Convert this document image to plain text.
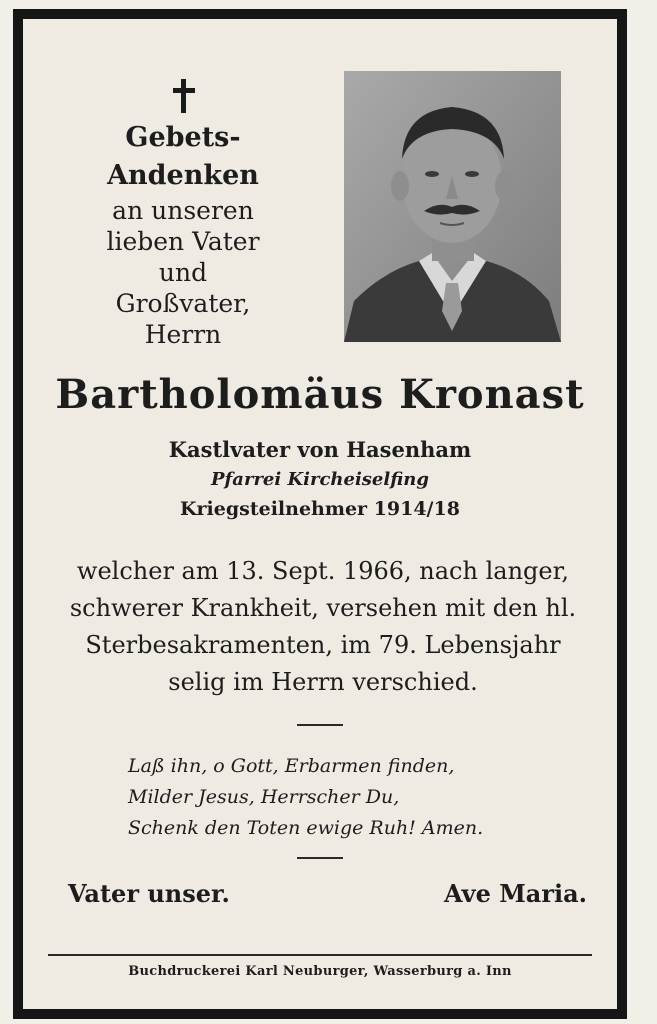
Gebets-

Andenken

an unseren

lieben Vater

und

Großvater,

Herrn

Bartholomäus Kronast
Kastlvater von Hasenham
Pfarrei Kircheiselfing
Kriegsteilnehmer 1914/18
welcher am 13. Sept. 1966, nach langer,
schwerer Krankheit, versehen mit den hl.
Sterbesakramenten, im 79. Lebensjahr
selig im Herrn verschied.
Laß ihn, o Gott, Erbarmen finden,
Milder Jesus, Herrscher Du,
Schenk den Toten ewige Ruh! Amen.
Vater unser.	Ave Maria.
Buchdruckerei Karl Neuburger, Wasserburg a. Inn
